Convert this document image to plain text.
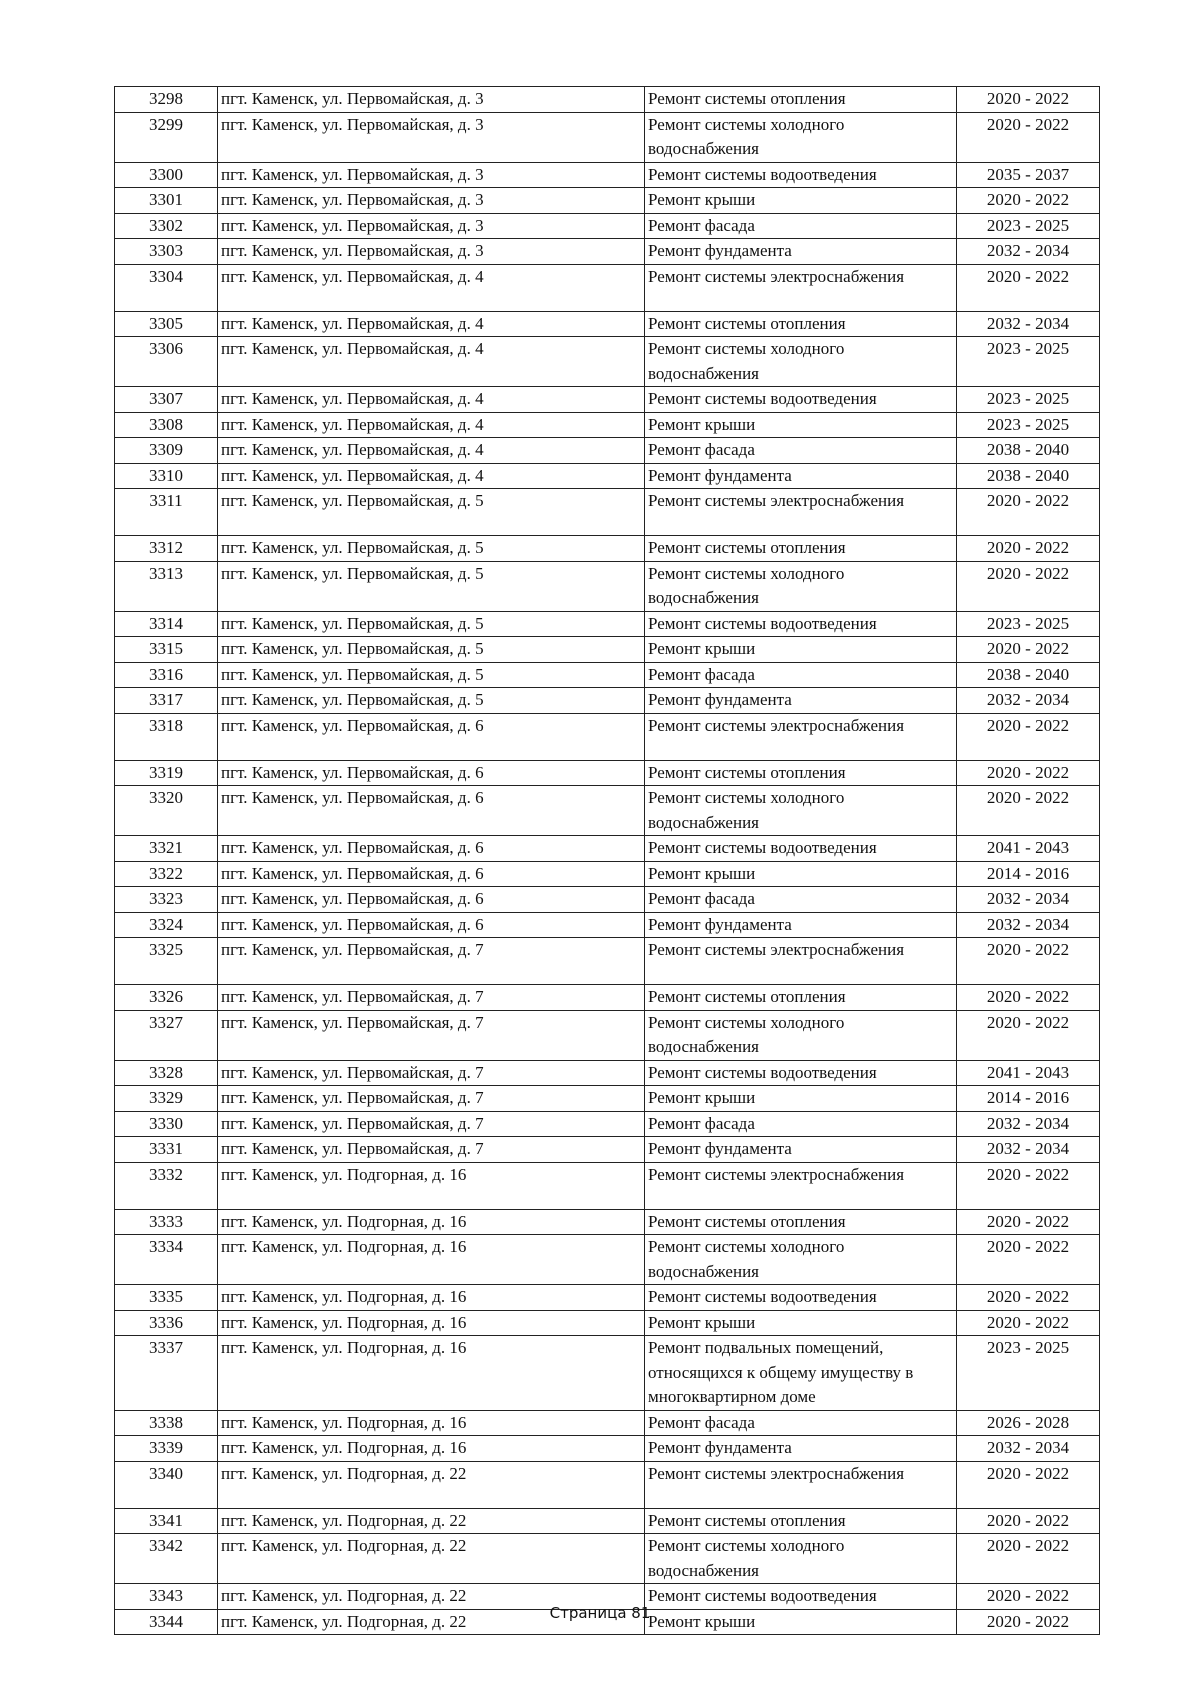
3298	пгт. Каменск, ул. Первомайская, д. 3	Ремонт системы отопления	2020 - 2022
3299	пгт. Каменск, ул. Первомайская, д. 3	Ремонт системы холодного водоснабжения	2020 - 2022
3300	пгт. Каменск, ул. Первомайская, д. 3	Ремонт системы водоотведения	2035 - 2037
3301	пгт. Каменск, ул. Первомайская, д. 3	Ремонт крыши	2020 - 2022
3302	пгт. Каменск, ул. Первомайская, д. 3	Ремонт фасада	2023 - 2025
3303	пгт. Каменск, ул. Первомайская, д. 3	Ремонт фундамента	2032 - 2034
3304	пгт. Каменск, ул. Первомайская, д. 4	Ремонт системы электроснабжения	2020 - 2022
3305	пгт. Каменск, ул. Первомайская, д. 4	Ремонт системы отопления	2032 - 2034
3306	пгт. Каменск, ул. Первомайская, д. 4	Ремонт системы холодного водоснабжения	2023 - 2025
3307	пгт. Каменск, ул. Первомайская, д. 4	Ремонт системы водоотведения	2023 - 2025
3308	пгт. Каменск, ул. Первомайская, д. 4	Ремонт крыши	2023 - 2025
3309	пгт. Каменск, ул. Первомайская, д. 4	Ремонт фасада	2038 - 2040
3310	пгт. Каменск, ул. Первомайская, д. 4	Ремонт фундамента	2038 - 2040
3311	пгт. Каменск, ул. Первомайская, д. 5	Ремонт системы электроснабжения	2020 - 2022
3312	пгт. Каменск, ул. Первомайская, д. 5	Ремонт системы отопления	2020 - 2022
3313	пгт. Каменск, ул. Первомайская, д. 5	Ремонт системы холодного водоснабжения	2020 - 2022
3314	пгт. Каменск, ул. Первомайская, д. 5	Ремонт системы водоотведения	2023 - 2025
3315	пгт. Каменск, ул. Первомайская, д. 5	Ремонт крыши	2020 - 2022
3316	пгт. Каменск, ул. Первомайская, д. 5	Ремонт фасада	2038 - 2040
3317	пгт. Каменск, ул. Первомайская, д. 5	Ремонт фундамента	2032 - 2034
3318	пгт. Каменск, ул. Первомайская, д. 6	Ремонт системы электроснабжения	2020 - 2022
3319	пгт. Каменск, ул. Первомайская, д. 6	Ремонт системы отопления	2020 - 2022
3320	пгт. Каменск, ул. Первомайская, д. 6	Ремонт системы холодного водоснабжения	2020 - 2022
3321	пгт. Каменск, ул. Первомайская, д. 6	Ремонт системы водоотведения	2041 - 2043
3322	пгт. Каменск, ул. Первомайская, д. 6	Ремонт крыши	2014 - 2016
3323	пгт. Каменск, ул. Первомайская, д. 6	Ремонт фасада	2032 - 2034
3324	пгт. Каменск, ул. Первомайская, д. 6	Ремонт фундамента	2032 - 2034
3325	пгт. Каменск, ул. Первомайская, д. 7	Ремонт системы электроснабжения	2020 - 2022
3326	пгт. Каменск, ул. Первомайская, д. 7	Ремонт системы отопления	2020 - 2022
3327	пгт. Каменск, ул. Первомайская, д. 7	Ремонт системы холодного водоснабжения	2020 - 2022
3328	пгт. Каменск, ул. Первомайская, д. 7	Ремонт системы водоотведения	2041 - 2043
3329	пгт. Каменск, ул. Первомайская, д. 7	Ремонт крыши	2014 - 2016
3330	пгт. Каменск, ул. Первомайская, д. 7	Ремонт фасада	2032 - 2034
3331	пгт. Каменск, ул. Первомайская, д. 7	Ремонт фундамента	2032 - 2034
3332	пгт. Каменск, ул. Подгорная, д. 16	Ремонт системы электроснабжения	2020 - 2022
3333	пгт. Каменск, ул. Подгорная, д. 16	Ремонт системы отопления	2020 - 2022
3334	пгт. Каменск, ул. Подгорная, д. 16	Ремонт системы холодного водоснабжения	2020 - 2022
3335	пгт. Каменск, ул. Подгорная, д. 16	Ремонт системы водоотведения	2020 - 2022
3336	пгт. Каменск, ул. Подгорная, д. 16	Ремонт крыши	2020 - 2022
3337	пгт. Каменск, ул. Подгорная, д. 16	Ремонт подвальных помещений, относящихся к общему имуществу в многоквартирном доме	2023 - 2025
3338	пгт. Каменск, ул. Подгорная, д. 16	Ремонт фасада	2026 - 2028
3339	пгт. Каменск, ул. Подгорная, д. 16	Ремонт фундамента	2032 - 2034
3340	пгт. Каменск, ул. Подгорная, д. 22	Ремонт системы электроснабжения	2020 - 2022
3341	пгт. Каменск, ул. Подгорная, д. 22	Ремонт системы отопления	2020 - 2022
3342	пгт. Каменск, ул. Подгорная, д. 22	Ремонт системы холодного водоснабжения	2020 - 2022
3343	пгт. Каменск, ул. Подгорная, д. 22	Ремонт системы водоотведения	2020 - 2022
3344	пгт. Каменск, ул. Подгорная, д. 22	Ремонт крыши	2020 - 2022
Страница 81
